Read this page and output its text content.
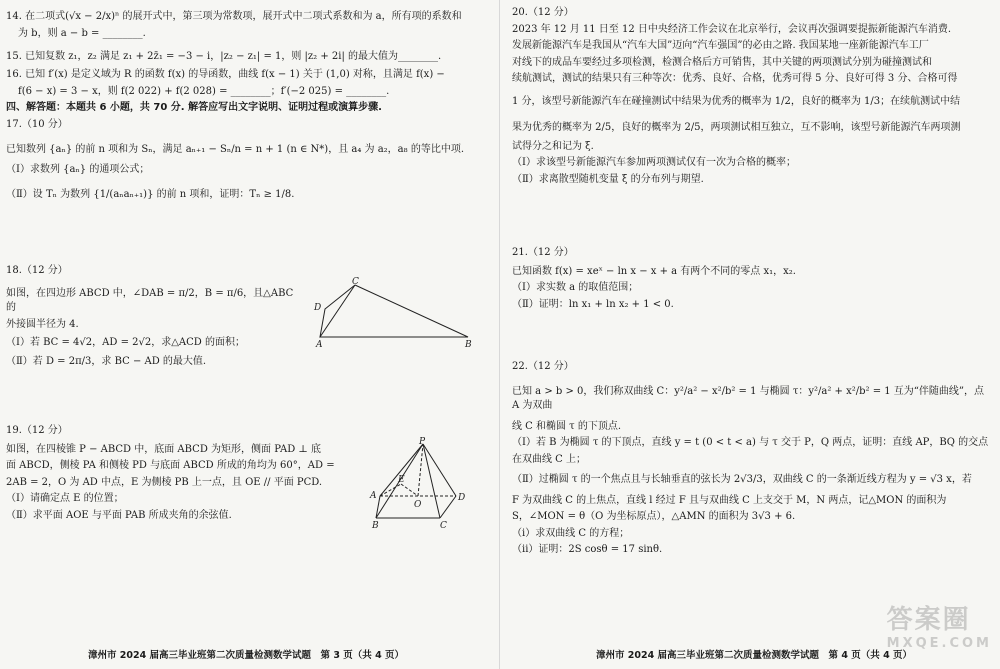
14. 在二项式(√x − 2/x)ⁿ 的展开式中，第三项为常数项，展开式中二项式系数和为 a，所有项的系数和

为 b，则 a − b = ________.

15. 已知复数 z₁，z₂ 满足 z₁ + 2z̄₁ = −3 − i，|z₂ − z₁| = 1，则 |z₂ + 2i| 的最大值为________.

16. 已知 f′(x) 是定义域为 R 的函数 f(x) 的导函数，曲线 f(x − 1) 关于 (1,0) 对称，且满足 f(x) −

f(6 − x) = 3 − x，则 f(2 022) + f(2 028) = ________；f′(−2 025) = ________.

四、解答题：本题共 6 小题，共 70 分. 解答应写出文字说明、证明过程或演算步骤.

17.（10 分）

已知数列 {aₙ} 的前 n 项和为 Sₙ，满足 aₙ₊₁ − Sₙ/n = n + 1 (n ∈ N*)，且 a₄ 为 a₂，a₈ 的等比中项.

（Ⅰ）求数列 {aₙ} 的通项公式；

（Ⅱ）设 Tₙ 为数列 {1/(aₙaₙ₊₁)} 的前 n 项和，证明：Tₙ ≥ 1/8.

18.（12 分）

如图，在四边形 ABCD 中，∠DAB = π/2，B = π/6，且△ABC 的

外接圆半径为 4.

（Ⅰ）若 BC = 4√2，AD = 2√2，求△ACD 的面积；

（Ⅱ）若 D = 2π/3，求 BC − AD 的最大值.

C
D
A	B

19.（12 分）

如图，在四棱锥 P − ABCD 中，底面 ABCD 为矩形，侧面 PAD ⊥ 底

面 ABCD，侧棱 PA 和侧棱 PD 与底面 ABCD 所成的角均为 60°，AD =

2AB = 2，O 为 AD 中点，E 为侧棱 PB 上一点，且 OE // 平面 PCD.

（Ⅰ）请确定点 E 的位置；

（Ⅱ）求平面 AOE 与平面 PAB 所成夹角的余弦值.

P
A
B	C
D
E
O
漳州市 2024 届高三毕业班第二次质量检测数学试题　第 3 页（共 4 页）

20.（12 分）

2023 年 12 月 11 日至 12 日中央经济工作会议在北京举行，会议再次强调要提振新能源汽车消费.

发展新能源汽车是我国从“汽车大国”迈向“汽车强国”的必由之路. 我国某地一座新能源汽车工厂

对线下的成品车要经过多项检测，检测合格后方可销售，其中关键的两项测试分别为碰撞测试和

续航测试，测试的结果只有三种等次：优秀、良好、合格，优秀可得 5 分、良好可得 3 分、合格可得

1 分，该型号新能源汽车在碰撞测试中结果为优秀的概率为 1/2，良好的概率为 1/3；在续航测试中结

果为优秀的概率为 2/5，良好的概率为 2/5，两项测试相互独立，互不影响，该型号新能源汽车两项测

试得分之和记为 ξ.

（Ⅰ）求该型号新能源汽车参加两项测试仅有一次为合格的概率；

（Ⅱ）求离散型随机变量 ξ 的分布列与期望.

21.（12 分）

已知函数 f(x) = xeˣ − ln x − x + a 有两个不同的零点 x₁，x₂.

（Ⅰ）求实数 a 的取值范围；

（Ⅱ）证明：ln x₁ + ln x₂ + 1 < 0.

22.（12 分）

已知 a > b > 0，我们称双曲线 C：y²/a² − x²/b² = 1 与椭圆 τ：y²/a² + x²/b² = 1 互为“伴随曲线”，点 A 为双曲

线 C 和椭圆 τ 的下顶点.

（Ⅰ）若 B 为椭圆 τ 的下顶点，直线 y = t (0 < t < a) 与 τ 交于 P，Q 两点，证明：直线 AP，BQ 的交点

在双曲线 C 上；

（Ⅱ）过椭圆 τ 的一个焦点且与长轴垂直的弦长为 2√3/3，双曲线 C 的一条渐近线方程为 y = √3 x，若

F 为双曲线 C 的上焦点，直线 l 经过 F 且与双曲线 C 上支交于 M，N 两点，记△MON 的面积为

S，∠MON = θ（O 为坐标原点），△AMN 的面积为 3√3 + 6.

（i）求双曲线 C 的方程；

（ii）证明：2S cosθ = 17 sinθ.

答案圈
MXQE.COM
漳州市 2024 届高三毕业班第二次质量检测数学试题　第 4 页（共 4 页）
